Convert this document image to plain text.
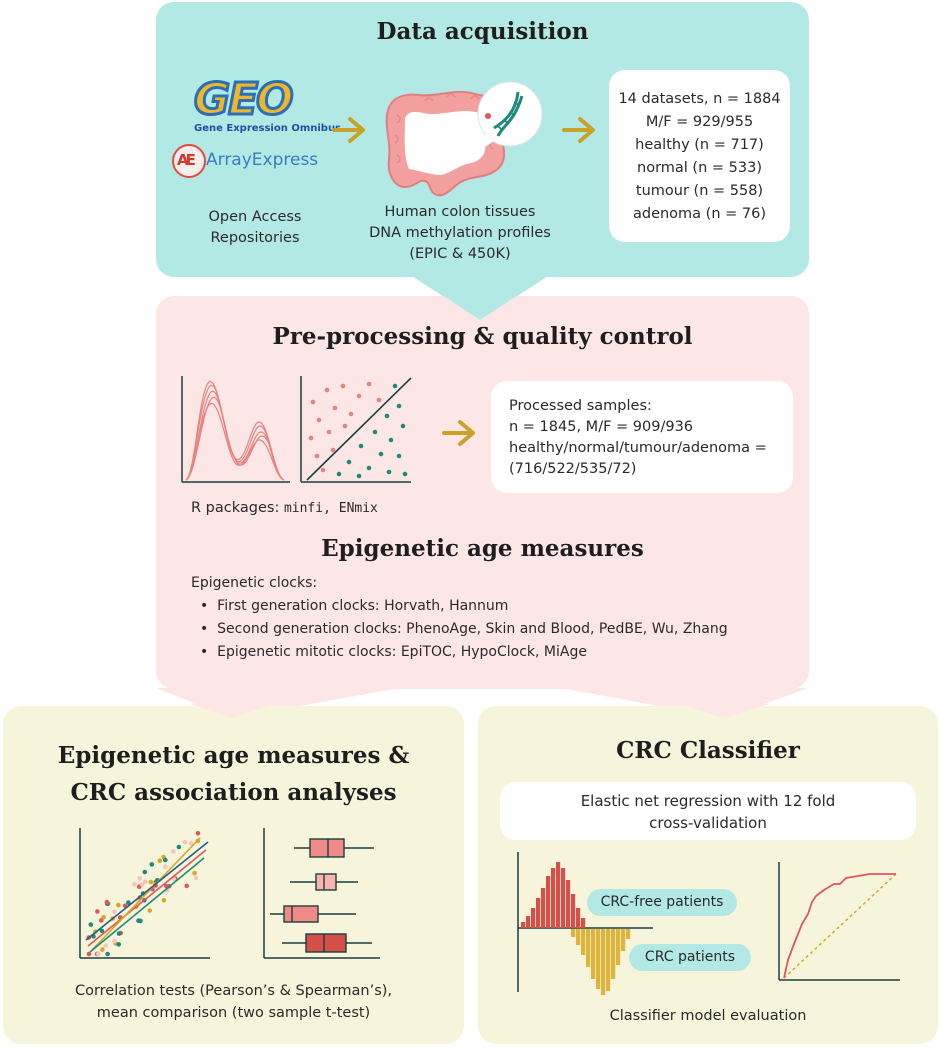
Data acquisition
GEO
Gene Expression Omnibus
AE ArrayExpress
Open Access
Repositories
Human colon tissues
DNA methylation profiles
(EPIC & 450K)
14 datasets, n = 1884
M/F = 929/955
healthy (n = 717)
normal (n = 533)
tumour (n = 558)
adenoma (n = 76)
Pre-processing & quality control
Processed samples:
n = 1845, M/F = 909/936
healthy/normal/tumour/adenoma =
(716/522/535/72)
R packages: minfi, ENmix
Epigenetic age measures
Epigenetic clocks:
•  First generation clocks: Horvath, Hannum
•  Second generation clocks: PhenoAge, Skin and Blood, PedBE, Wu, Zhang
•  Epigenetic mitotic clocks: EpiTOC, HypoClock, MiAge
Epigenetic age measures &
CRC association analyses
Correlation tests (Pearson’s & Spearman’s),
mean comparison (two sample t-test)
CRC Classifier
Elastic net regression with 12 fold
cross-validation
CRC-free patients
CRC patients
Classifier model evaluation
